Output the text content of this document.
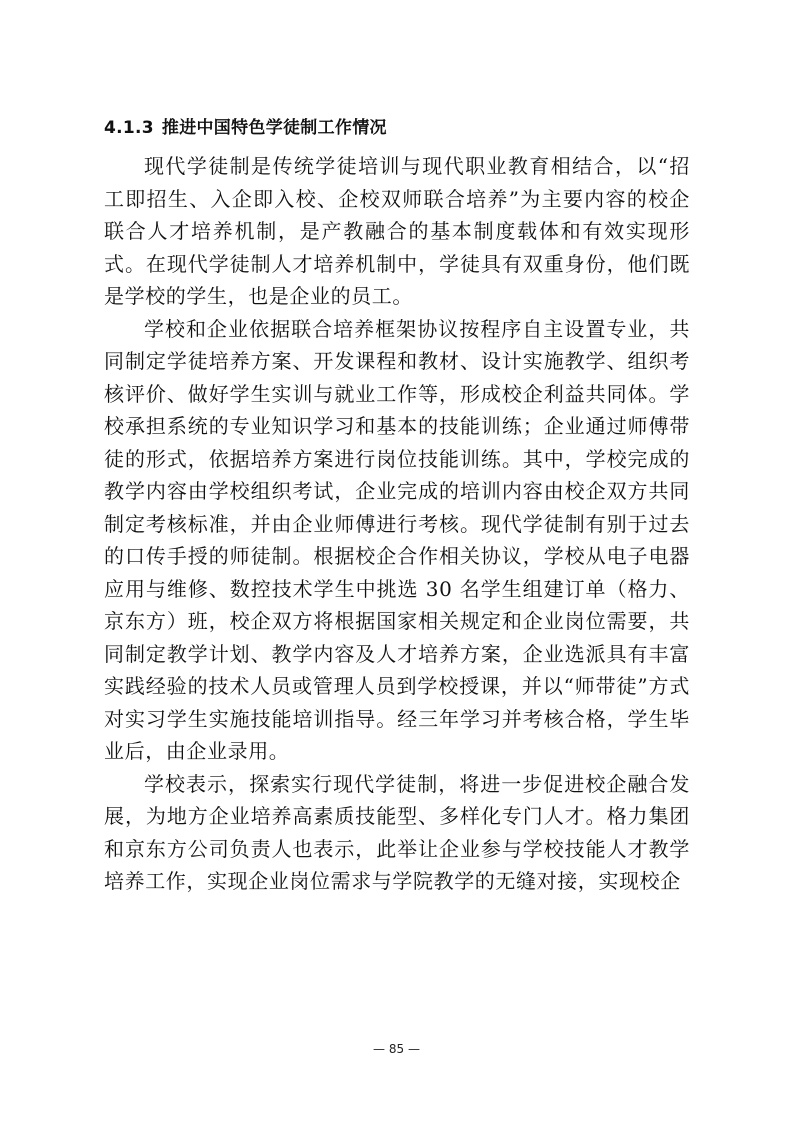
4.1.3 推进中国特色学徒制工作情况

现代学徒制是传统学徒培训与现代职业教育相结合，以“招工即招生、入企即入校、企校双师联合培养”为主要内容的校企联合人才培养机制，是产教融合的基本制度载体和有效实现形式。在现代学徒制人才培养机制中，学徒具有双重身份，他们既是学校的学生，也是企业的员工。

学校和企业依据联合培养框架协议按程序自主设置专业，共同制定学徒培养方案、开发课程和教材、设计实施教学、组织考核评价、做好学生实训与就业工作等，形成校企利益共同体。学校承担系统的专业知识学习和基本的技能训练；企业通过师傅带徒的形式，依据培养方案进行岗位技能训练。其中，学校完成的教学内容由学校组织考试，企业完成的培训内容由校企双方共同制定考核标准，并由企业师傅进行考核。现代学徒制有别于过去的口传手授的师徒制。根据校企合作相关协议，学校从电子电器应用与维修、数控技术学生中挑选 30 名学生组建订单（格力、京东方）班，校企双方将根据国家相关规定和企业岗位需要，共同制定教学计划、教学内容及人才培养方案，企业选派具有丰富实践经验的技术人员或管理人员到学校授课，并以“师带徒”方式对实习学生实施技能培训指导。经三年学习并考核合格，学生毕业后，由企业录用。

学校表示，探索实行现代学徒制，将进一步促进校企融合发展，为地方企业培养高素质技能型、多样化专门人才。格力集团和京东方公司负责人也表示，此举让企业参与学校技能人才教学培养工作，实现企业岗位需求与学院教学的无缝对接，实现校企

— 85 —
